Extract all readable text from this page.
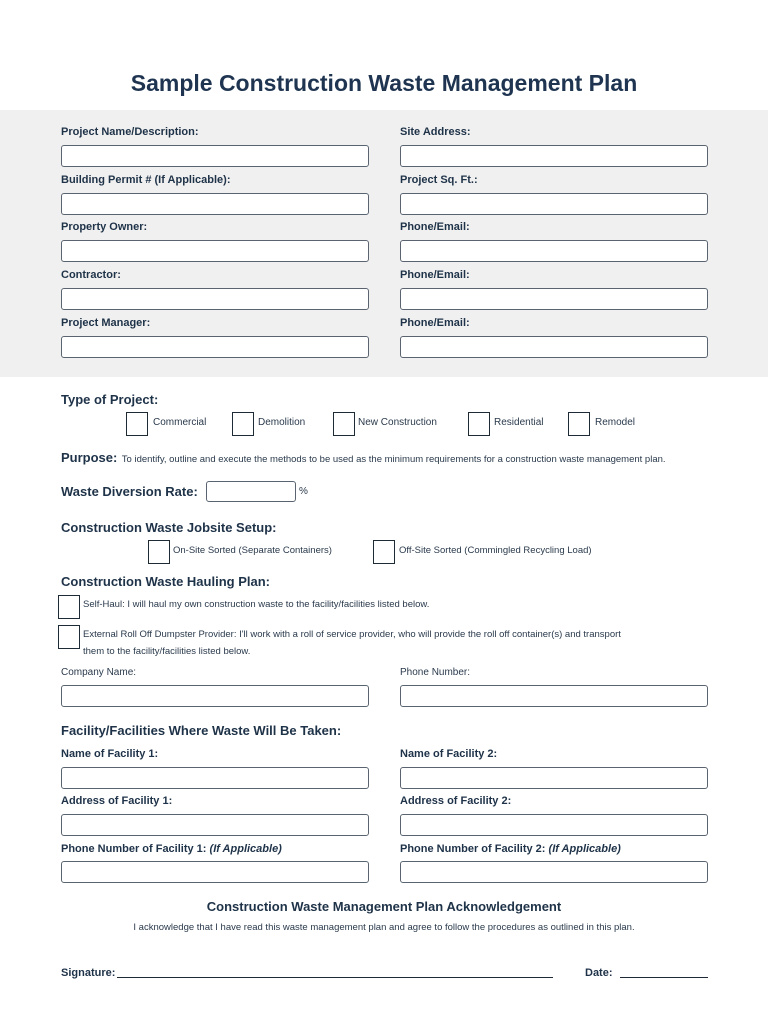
Sample Construction Waste Management Plan
Project Name/Description:	Site Address:
Building Permit # (If Applicable):	Project Sq. Ft.:
Property Owner:	Phone/Email:
Contractor:	Phone/Email:
Project Manager:	Phone/Email:
Type of Project:
Commercial	Demolition	New Construction	Residential	Remodel
Purpose: To identify, outline and execute the methods to be used as the minimum requirements for a construction waste management plan.
Waste Diversion Rate:	%
Construction Waste Jobsite Setup:
On-Site Sorted (Separate Containers)	Off-Site Sorted (Commingled Recycling Load)
Construction Waste Hauling Plan:
Self-Haul: I will haul my own construction waste to the facility/facilities listed below.
External Roll Off Dumpster Provider: I'll work with a roll of service provider, who will provide the roll off container(s) and transport
them to the facility/facilities listed below.
Company Name:	Phone Number:
Facility/Facilities Where Waste Will Be Taken:
Name of Facility 1:	Name of Facility 2:
Address of Facility 1:	Address of Facility 2:
Phone Number of Facility 1: (If Applicable)	Phone Number of Facility 2: (If Applicable)
Construction Waste Management Plan Acknowledgement
I acknowledge that I have read this waste management plan and agree to follow the procedures as outlined in this plan.
Signature:	Date:
